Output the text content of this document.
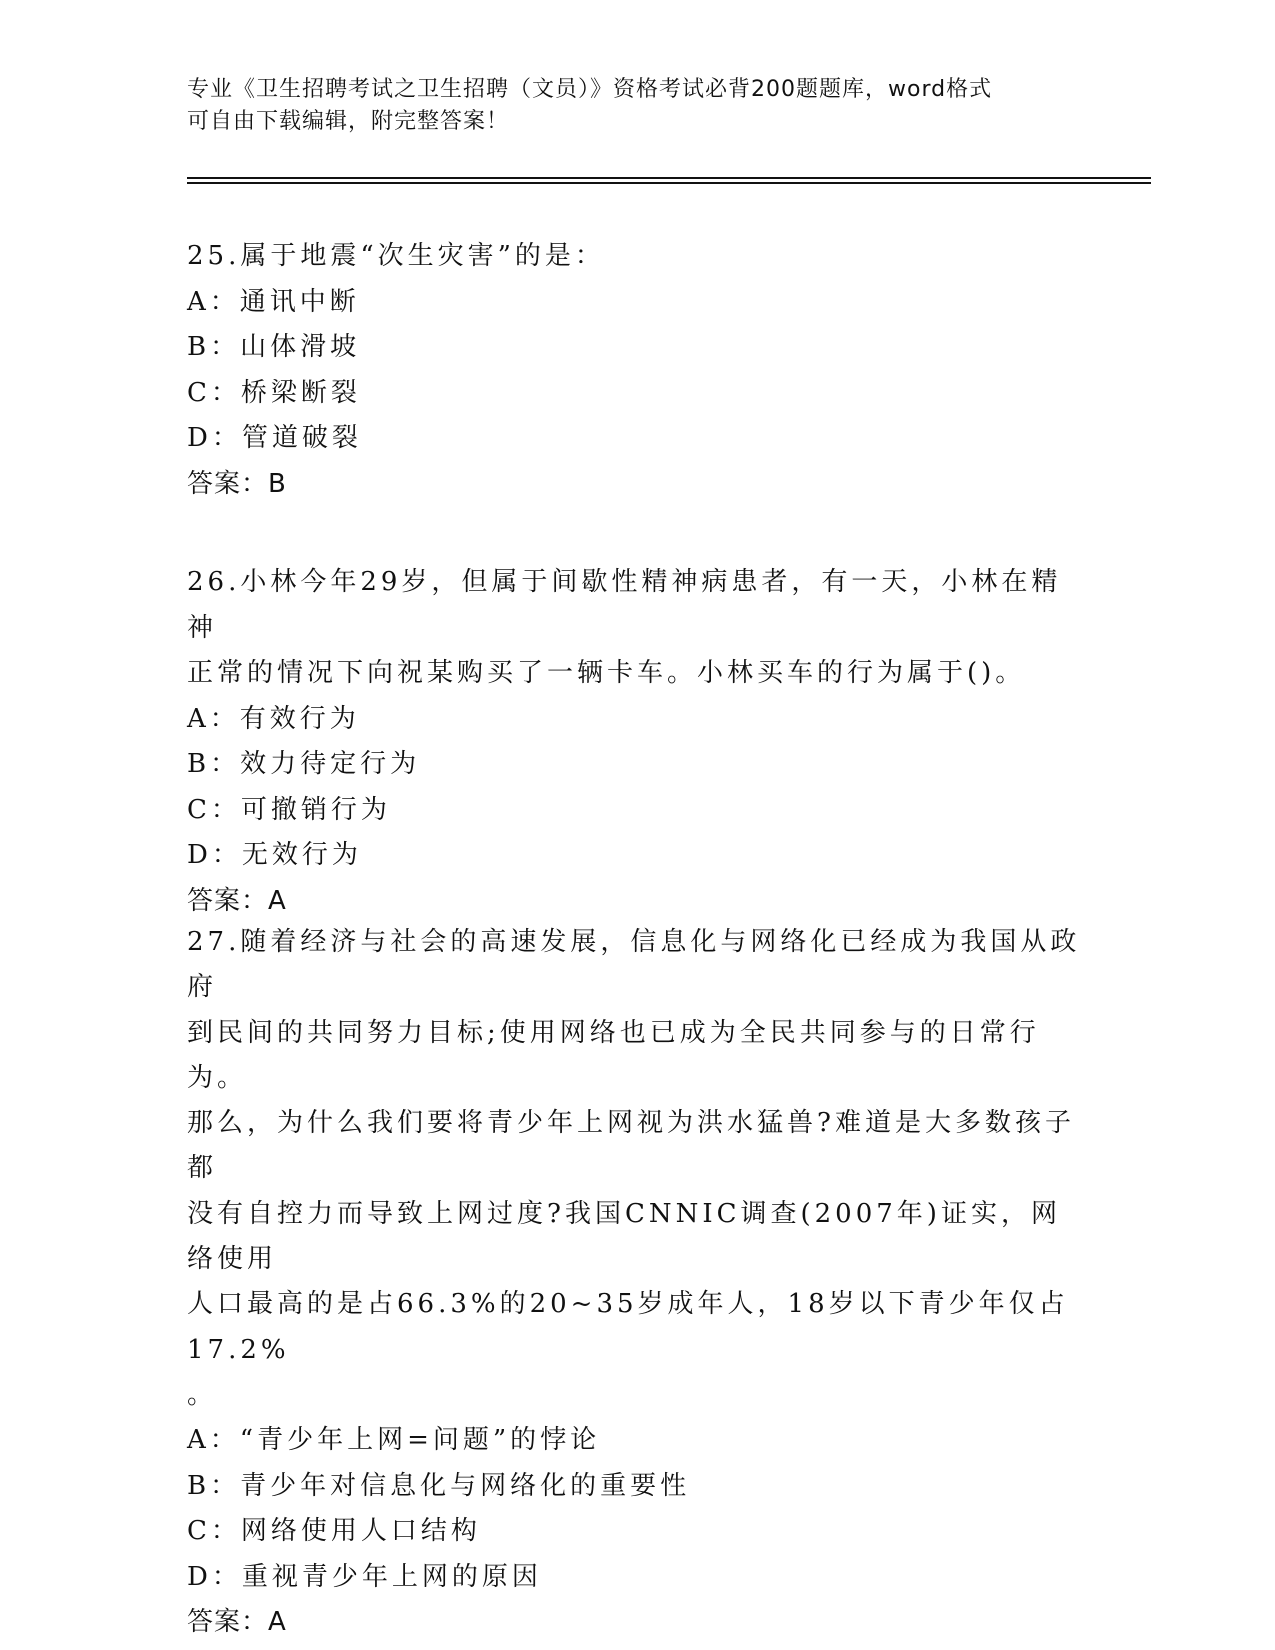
专业《卫生招聘考试之卫生招聘（文员）》资格考试必背200题题库，word格式
可自由下载编辑，附完整答案！

25.属于地震“次生灾害”的是：

A：通讯中断
B：山体滑坡
C：桥梁断裂
D：管道破裂

答案：B

26.小林今年29岁，但属于间歇性精神病患者，有一天，小林在精神

正常的情况下向祝某购买了一辆卡车。小林买车的行为属于()。

A：有效行为
B：效力待定行为
C：可撤销行为
D：无效行为

答案：A

27.随着经济与社会的高速发展，信息化与网络化已经成为我国从政府

到民间的共同努力目标;使用网络也已成为全民共同参与的日常行为。

那么，为什么我们要将青少年上网视为洪水猛兽?难道是大多数孩子都

没有自控力而导致上网过度?我国CNNIC调查(2007年)证实，网络使用

人口最高的是占66.3%的20~35岁成年人，18岁以下青少年仅占17.2%

。

A：“青少年上网=问题”的悖论
B：青少年对信息化与网络化的重要性
C：网络使用人口结构
D：重视青少年上网的原因

答案：A
